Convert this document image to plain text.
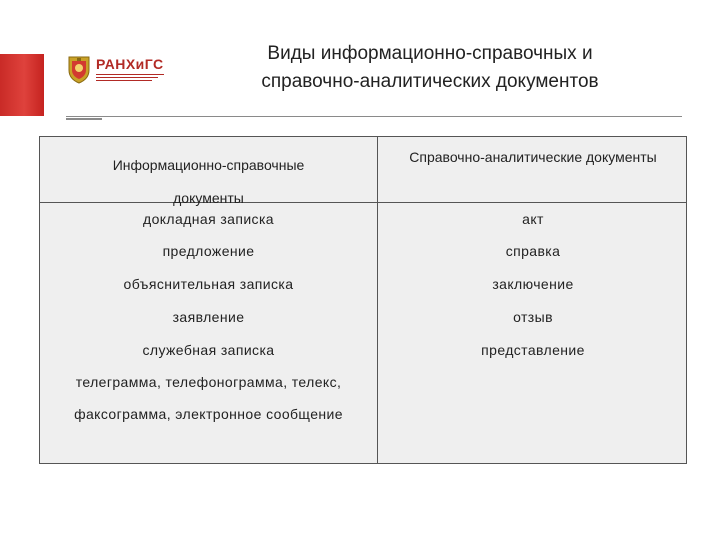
РАНХиГС	Виды информационно-справочных и
справочно-аналитических документов
Информационно-справочные
документы
Справочно-аналитические документы
докладная записка
предложение
объяснительная записка
заявление
служебная записка
телеграмма, телефонограмма, телекс,
факсограмма, электронное сообщение
акт
справка
заключение
отзыв
представление
